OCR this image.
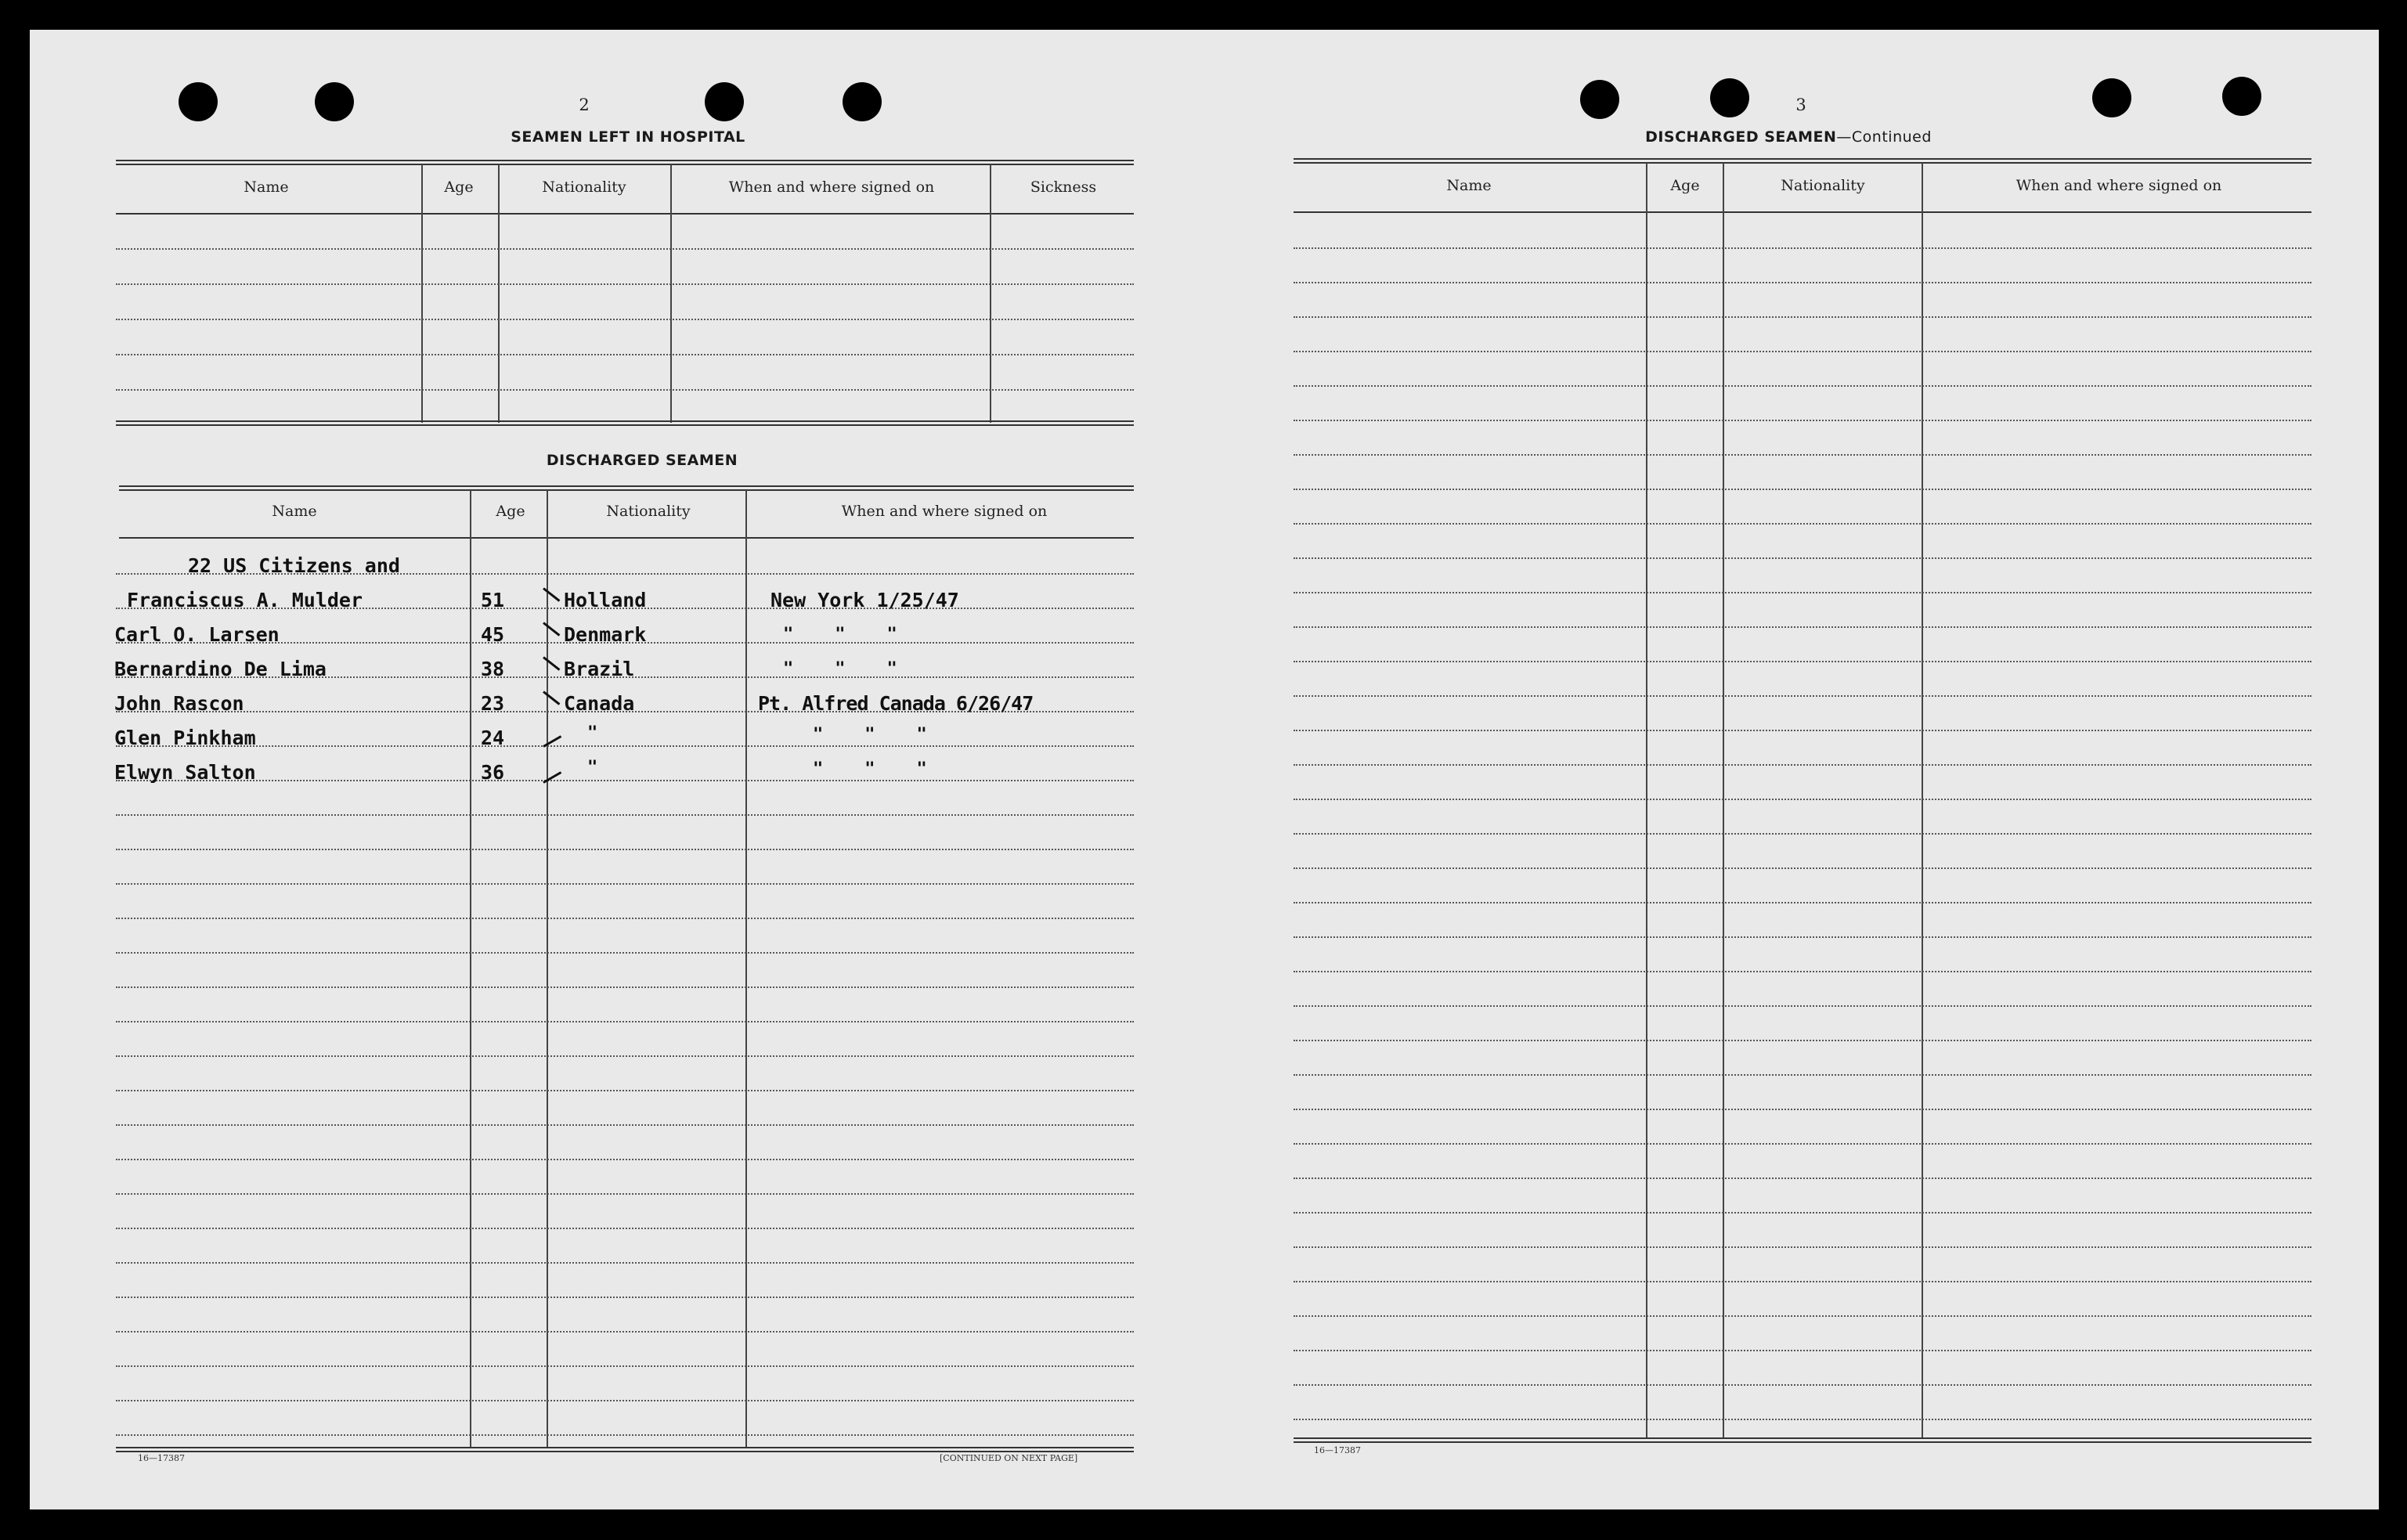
2
SEAMEN LEFT IN HOSPITAL
Name	Age	Nationality	When and where signed on	Sickness
DISCHARGED SEAMEN
Name	Age	Nationality	When and where signed on
22 US Citizens and
Franciscus A. Mulder	51	Holland	New York 1/25/47
Carl O. Larsen	45	Denmark	"    "    "
Bernardino De Lima	38	Brazil	"    "    "
John Rascon	23	Canada	Pt. Alfred Canada 6/26/47
Glen Pinkham	24	"	"    "    "
Elwyn Salton	36	"	"    "    "
16—17387	[CONTINUED ON NEXT PAGE]
3
DISCHARGED SEAMEN—Continued
Name	Age	Nationality	When and where signed on
16—17387
